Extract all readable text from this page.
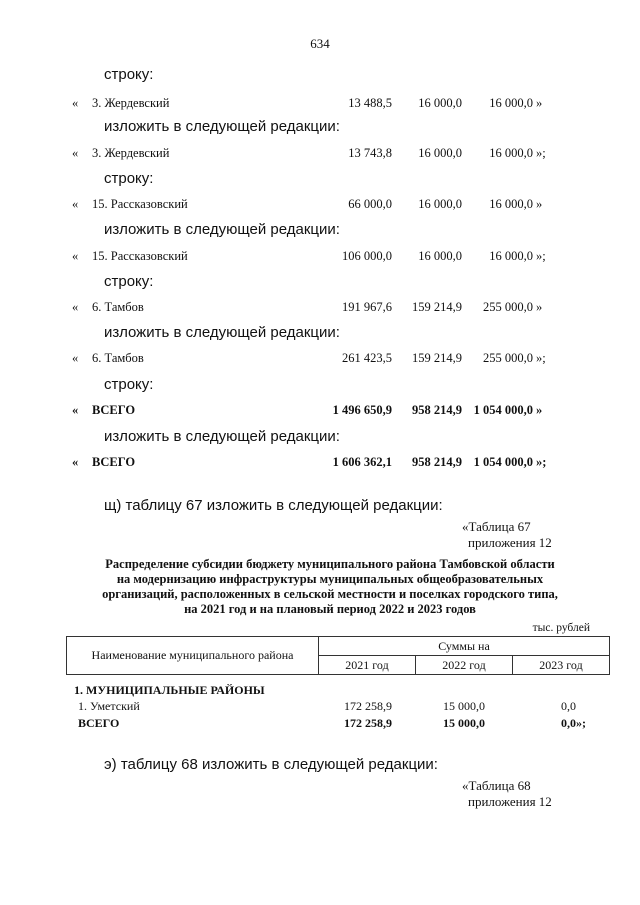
634
строку:
« 3. Жердевский	13 488,5 16 000,0 16 000,0 »
изложить в следующей редакции:
« 3. Жердевский	13 743,8 16 000,0 16 000,0 »;
строку:
« 15. Рассказовский	66 000,0 16 000,0 16 000,0 »
изложить в следующей редакции:
« 15. Рассказовский	106 000,0 16 000,0 16 000,0 »;
строку:
« 6. Тамбов	191 967,6 159 214,9 255 000,0 »
изложить в следующей редакции:
« 6. Тамбов	261 423,5 159 214,9 255 000,0 »;
строку:
« ВСЕГО	1 496 650,9 958 214,9 1 054 000,0 »
изложить в следующей редакции:
« ВСЕГО	1 606 362,1 958 214,9 1 054 000,0 »;
щ) таблицу 67 изложить в следующей редакции:
«Таблица 67
приложения 12
Распределение субсидии бюджету муниципального района Тамбовской области
на модернизацию инфраструктуры муниципальных общеобразовательных
организаций, расположенных в сельской местности и поселках городского типа,
на 2021 год и на плановый период 2022 и 2023 годов
тыс. рублей
Наименование муниципального района	Суммы на		
	2021 год	2022 год	2023 год
1. МУНИЦИПАЛЬНЫЕ РАЙОНЫ
1. Уметский	172 258,9	15 000,0	0,0
ВСЕГО	172 258,9	15 000,0	0,0 »;
э) таблицу 68 изложить в следующей редакции:
«Таблица 68
приложения 12
